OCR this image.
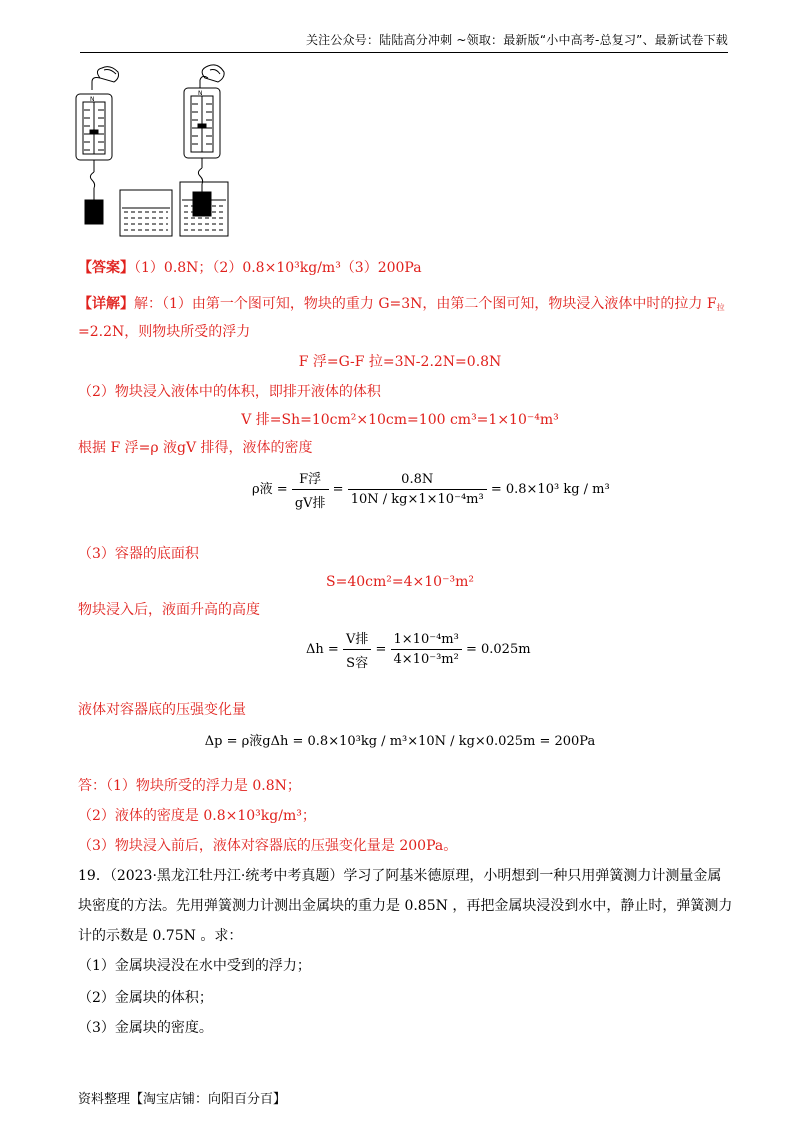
关注公众号：陆陆高分冲刺 ~领取：最新版“小中高考-总复习”、最新试卷下载
N
N
【答案】（1）0.8N；（2）0.8×10³kg/m³（3）200Pa
【详解】解：（1）由第一个图可知，物块的重力 G=3N，由第二个图可知，物块浸入液体中时的拉力 $F_拉$
=2.2N，则物块所受的浮力
F 浮=G-F 拉=3N-2.2N=0.8N
（2）物块浸入液体中的体积，即排开液体的体积
V 排=Sh=10cm²×10cm=100 cm³=1×10⁻⁴m³
根据 F 浮=ρ 液gV 排得，液体的密度
ρ液 = $\frac{\text{F浮}}{\text{gV排}} = \frac{0.8N}{\text{10N / kg×1×10⁻⁴m³}} = 0.8\times 10^3$ kg / m³
（3）容器的底面积
S=40cm²=4×10⁻³m²
物块浸入后，液面升高的高度
$\Delta h = \frac{\text{V排}}{\text{S容}} = \frac{\text{1×10⁻⁴m³}}{\text{4×10⁻³m²}} = 0.025m$
液体对容器底的压强变化量
Δp = ρ液gΔh = 0.8×10³kg / m³×10N / kg×0.025m = 200Pa
答：（1）物块所受的浮力是 0.8N；
（2）液体的密度是 0.8×10³kg/m³；
（3）物块浸入前后，液体对容器底的压强变化量是 200Pa。
19．（2023·黑龙江牡丹江·统考中考真题）学习了阿基米德原理，小明想到一种只用弹簧测力计测量金属
块密度的方法。先用弹簧测力计测出金属块的重力是 0.85N ，再把金属块浸没到水中，静止时，弹簧测力
计的示数是 0.75N 。求：
（1）金属块浸没在水中受到的浮力；
（2）金属块的体积；
（3）金属块的密度。
资料整理【淘宝店铺：向阳百分百】
